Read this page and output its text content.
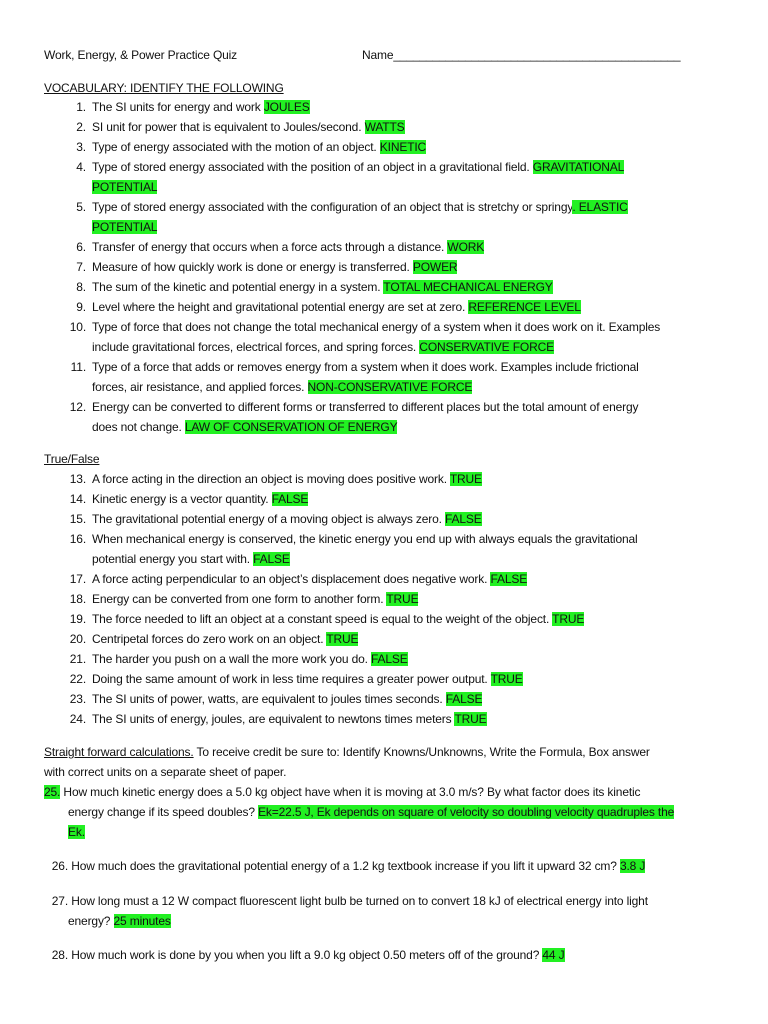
Work, Energy, & Power Practice Quiz	Name____________________________________________
VOCABULARY: IDENTIFY THE FOLLOWING
1. The SI units for energy and work JOULES
2. SI unit for power that is equivalent to Joules/second. WATTS
3. Type of energy associated with the motion of an object. KINETIC
4. Type of stored energy associated with the position of an object in a gravitational field. GRAVITATIONAL
POTENTIAL
5. Type of stored energy associated with the configuration of an object that is stretchy or springy. ELASTIC
POTENTIAL
6. Transfer of energy that occurs when a force acts through a distance. WORK
7. Measure of how quickly work is done or energy is transferred. POWER
8. The sum of the kinetic and potential energy in a system. TOTAL MECHANICAL ENERGY
9. Level where the height and gravitational potential energy are set at zero. REFERENCE LEVEL
10. Type of force that does not change the total mechanical energy of a system when it does work on it. Examples
include gravitational forces, electrical forces, and spring forces. CONSERVATIVE FORCE
11. Type of a force that adds or removes energy from a system when it does work. Examples include frictional
forces, air resistance, and applied forces. NON-CONSERVATIVE FORCE
12. Energy can be converted to different forms or transferred to different places but the total amount of energy
does not change. LAW OF CONSERVATION OF ENERGY
True/False
13. A force acting in the direction an object is moving does positive work. TRUE
14. Kinetic energy is a vector quantity. FALSE
15. The gravitational potential energy of a moving object is always zero. FALSE
16. When mechanical energy is conserved, the kinetic energy you end up with always equals the gravitational
potential energy you start with. FALSE
17. A force acting perpendicular to an object’s displacement does negative work. FALSE
18. Energy can be converted from one form to another form. TRUE
19. The force needed to lift an object at a constant speed is equal to the weight of the object. TRUE
20. Centripetal forces do zero work on an object. TRUE
21. The harder you push on a wall the more work you do. FALSE
22. Doing the same amount of work in less time requires a greater power output. TRUE
23. The SI units of power, watts, are equivalent to joules times seconds. FALSE
24. The SI units of energy, joules, are equivalent to newtons times meters TRUE
Straight forward calculations. To receive credit be sure to: Identify Knowns/Unknowns, Write the Formula, Box answer
with correct units on a separate sheet of paper.
25. How much kinetic energy does a 5.0 kg object have when it is moving at 3.0 m/s? By what factor does its kinetic
energy change if its speed doubles? Ek=22.5 J, Ek depends on square of velocity so doubling velocity quadruples the
Ek.
26. How much does the gravitational potential energy of a 1.2 kg textbook increase if you lift it upward 32 cm? 3.8 J
27. How long must a 12 W compact fluorescent light bulb be turned on to convert 18 kJ of electrical energy into light
energy? 25 minutes
28. How much work is done by you when you lift a 9.0 kg object 0.50 meters off of the ground? 44 J
